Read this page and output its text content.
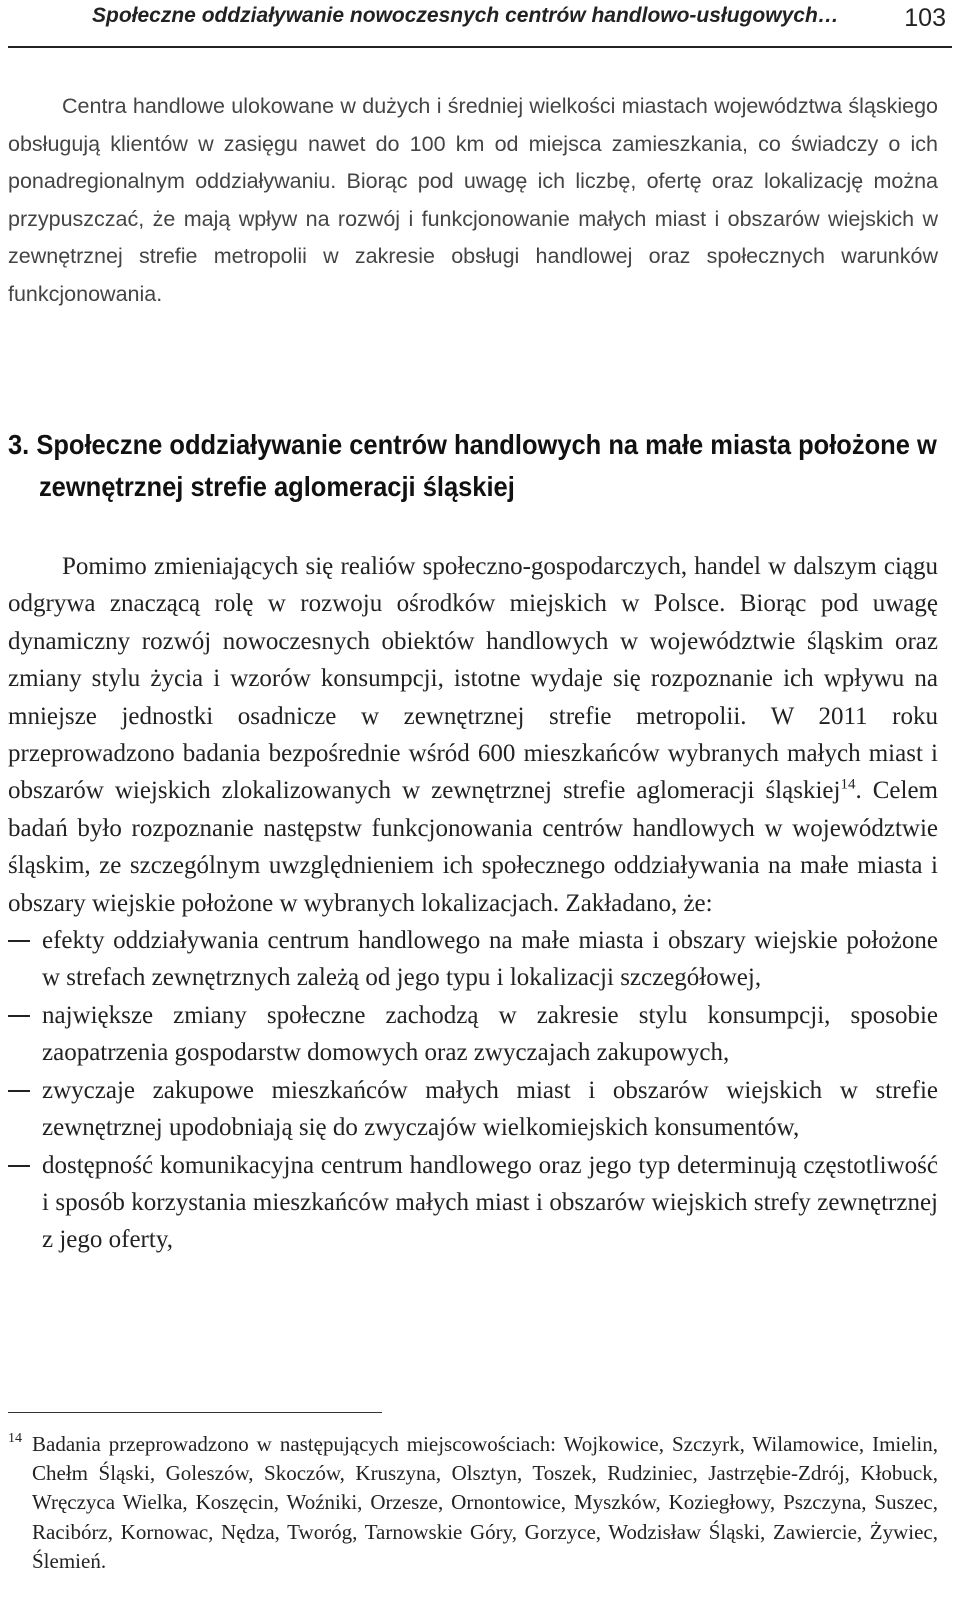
Społeczne oddziaływanie nowoczesnych centrów handlowo-usługowych…	103

Centra handlowe ulokowane w dużych i średniej wielkości miastach województwa śląskiego obsługują klientów w zasięgu nawet do 100 km od miejsca zamieszkania, co świadczy o ich ponadregionalnym oddziaływaniu. Biorąc pod uwagę ich liczbę, ofertę oraz lokalizację można przypuszczać, że mają wpływ na rozwój i funkcjonowanie małych miast i obszarów wiejskich w zewnętrznej strefie metropolii w zakresie obsługi handlowej oraz społecznych warunków funkcjonowania.

3. Społeczne oddziaływanie centrów handlowych na małe miasta położone w zewnętrznej strefie aglomeracji śląskiej

Pomimo zmieniających się realiów społeczno-gospodarczych, handel w dalszym ciągu odgrywa znaczącą rolę w rozwoju ośrodków miejskich w Polsce. Biorąc pod uwagę dynamiczny rozwój nowoczesnych obiektów handlowych w województwie śląskim oraz zmiany stylu życia i wzorów konsumpcji, istotne wydaje się rozpoznanie ich wpływu na mniejsze jednostki osadnicze w zewnętrznej strefie metropolii. W 2011 roku przeprowadzono badania bezpośrednie wśród 600 mieszkańców wybranych małych miast i obszarów wiejskich zlokalizowanych w zewnętrznej strefie aglomeracji śląskiej$^{14}$. Celem badań było rozpoznanie następstw funkcjonowania centrów handlowych w województwie śląskim, ze szczególnym uwzględnieniem ich społecznego oddziaływania na małe miasta i obszary wiejskie położone w wybranych lokalizacjach. Zakładano, że:

efekty oddziaływania centrum handlowego na małe miasta i obszary wiejskie położone w strefach zewnętrznych zależą od jego typu i lokalizacji szczegółowej,
największe zmiany społeczne zachodzą w zakresie stylu konsumpcji, sposobie zaopatrzenia gospodarstw domowych oraz zwyczajach zakupowych,
zwyczaje zakupowe mieszkańców małych miast i obszarów wiejskich w strefie zewnętrznej upodobniają się do zwyczajów wielkomiejskich konsumentów,
dostępność komunikacyjna centrum handlowego oraz jego typ determinują częstotliwość i sposób korzystania mieszkańców małych miast i obszarów wiejskich strefy zewnętrznej z jego oferty,

14 Badania przeprowadzono w następujących miejscowościach: Wojkowice, Szczyrk, Wilamowice, Imielin, Chełm Śląski, Goleszów, Skoczów, Kruszyna, Olsztyn, Toszek, Rudziniec, Jastrzębie-Zdrój, Kłobuck, Wręczyca Wielka, Koszęcin, Woźniki, Orzesze, Ornontowice, Myszków, Koziegłowy, Pszczyna, Suszec, Racibórz, Kornowac, Nędza, Tworóg, Tarnowskie Góry, Gorzyce, Wodzisław Śląski, Zawiercie, Żywiec, Ślemień.
